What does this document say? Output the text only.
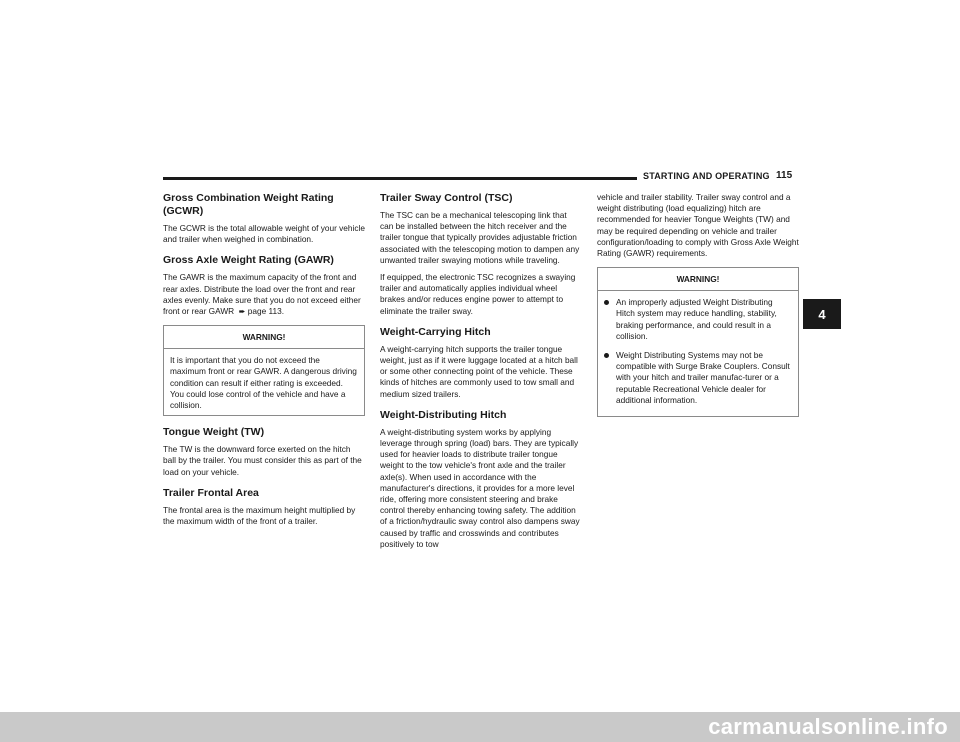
STARTING AND OPERATING 115
4
Gross Combination Weight Rating (GCWR)

The GCWR is the total allowable weight of your vehicle and trailer when weighed in combination.

Gross Axle Weight Rating (GAWR)

The GAWR is the maximum capacity of the front and rear axles. Distribute the load over the front and rear axles evenly. Make sure that you do not exceed either front or rear GAWR ➨ page 113.

WARNING!
It is important that you do not exceed the maximum front or rear GAWR. A dangerous driving condition can result if either rating is exceeded. You could lose control of the vehicle and have a collision.
Tongue Weight (TW)

The TW is the downward force exerted on the hitch ball by the trailer. You must consider this as part of the load on your vehicle.

Trailer Frontal Area

The frontal area is the maximum height multiplied by the maximum width of the front of a trailer.

Trailer Sway Control (TSC)

The TSC can be a mechanical telescoping link that can be installed between the hitch receiver and the trailer tongue that typically provides adjustable friction associated with the telescoping motion to dampen any unwanted trailer swaying motions while traveling.

If equipped, the electronic TSC recognizes a swaying trailer and automatically applies individual wheel brakes and/or reduces engine power to attempt to eliminate the trailer sway.

Weight-Carrying Hitch

A weight-carrying hitch supports the trailer tongue weight, just as if it were luggage located at a hitch ball or some other connecting point of the vehicle. These kinds of hitches are commonly used to tow small and medium sized trailers.

Weight-Distributing Hitch

A weight-distributing system works by applying leverage through spring (load) bars. They are typically used for heavier loads to distribute trailer tongue weight to the tow vehicle's front axle and the trailer axle(s). When used in accordance with the manufacturer's directions, it provides for a more level ride, offering more consistent steering and brake control thereby enhancing towing safety. The addition of a friction/hydraulic sway control also dampens sway caused by traffic and crosswinds and contributes positively to tow

vehicle and trailer stability. Trailer sway control and a weight distributing (load equalizing) hitch are recommended for heavier Tongue Weights (TW) and may be required depending on vehicle and trailer configuration/loading to comply with Gross Axle Weight Rating (GAWR) requirements.

WARNING!
An improperly adjusted Weight Distributing Hitch system may reduce handling, stability, braking performance, and could result in a collision.
Weight Distributing Systems may not be compatible with Surge Brake Couplers. Consult with your hitch and trailer manufac-turer or a reputable Recreational Vehicle dealer for additional information.
carmanualsonline.info
